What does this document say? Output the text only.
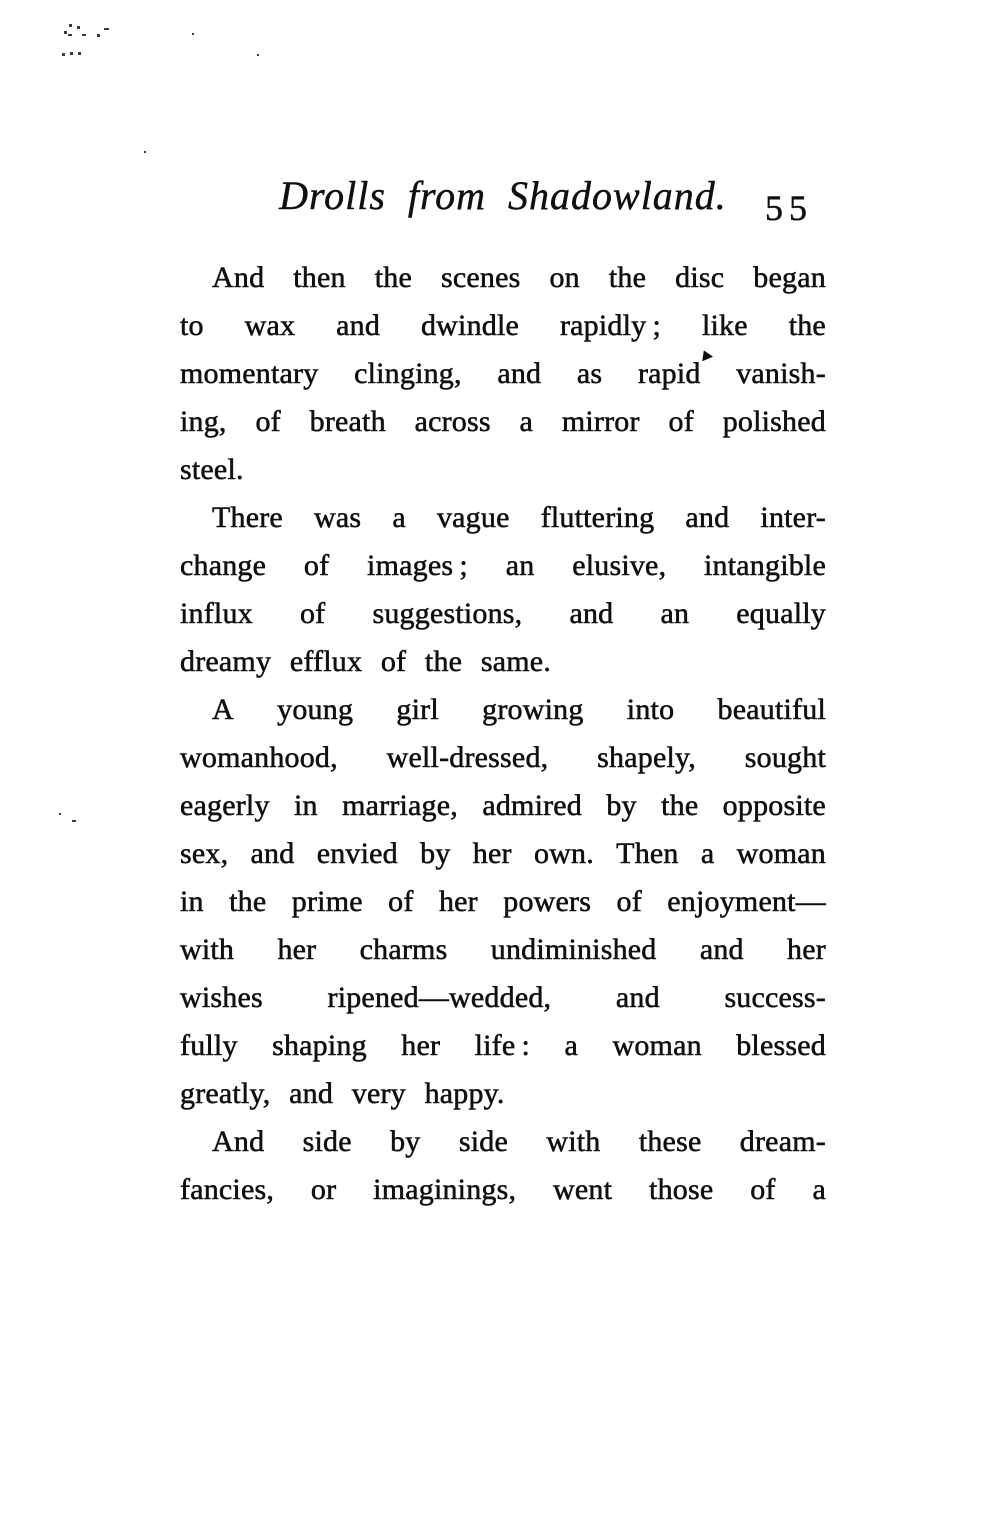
Drolls from Shadowland.	55
And then the scenes on the disc began
to wax and dwindle rapidly ; like the
momentary clinging, and as rapid vanish-
ing, of breath across a mirror of polished
steel.
There was a vague fluttering and inter-
change of images ; an elusive, intangible
influx of suggestions, and an equally
dreamy efflux of the same.
A young girl growing into beautiful
womanhood, well-dressed, shapely, sought
eagerly in marriage, admired by the opposite
sex, and envied by her own. Then a woman
in the prime of her powers of enjoyment—
with her charms undiminished and her
wishes ripened—wedded, and success-
fully shaping her life : a woman blessed
greatly, and very happy.
And side by side with these dream-
fancies, or imaginings, went those of a
